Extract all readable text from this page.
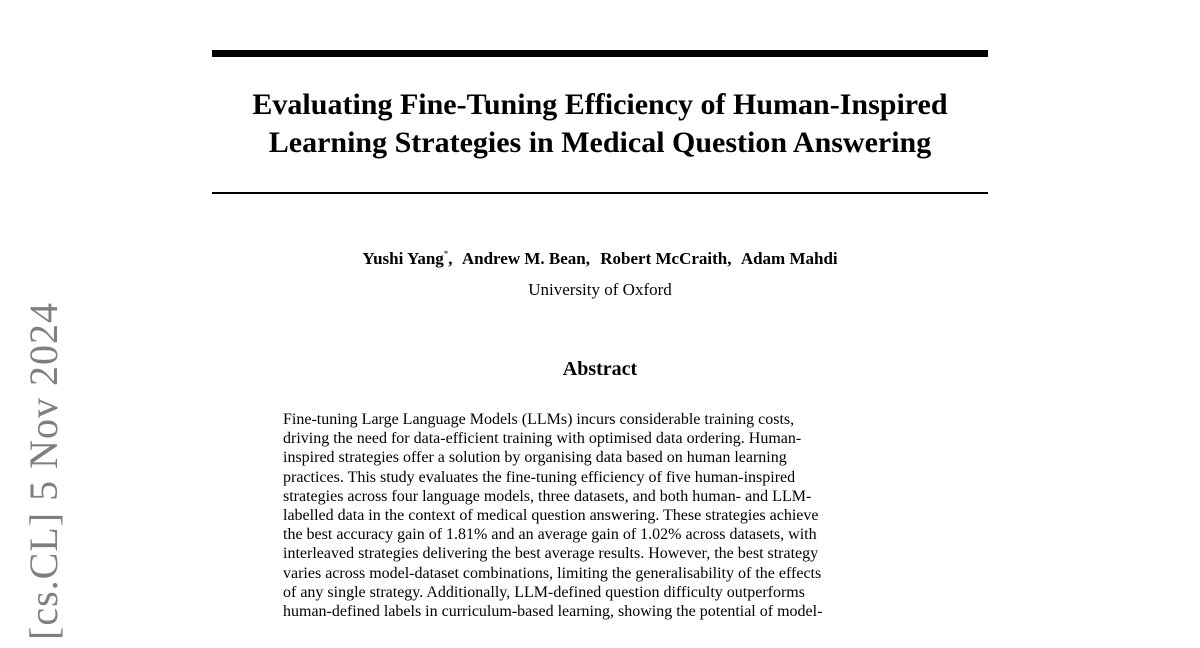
[cs.CL] 5 Nov 2024
Evaluating Fine-Tuning Efficiency of Human-Inspired
Learning Strategies in Medical Question Answering
Yushi Yang*, Andrew M. Bean, Robert McCraith, Adam Mahdi
University of Oxford
Abstract
Fine-tuning Large Language Models (LLMs) incurs considerable training costs,
driving the need for data-efficient training with optimised data ordering. Human-
inspired strategies offer a solution by organising data based on human learning
practices. This study evaluates the fine-tuning efficiency of five human-inspired
strategies across four language models, three datasets, and both human- and LLM-
labelled data in the context of medical question answering. These strategies achieve
the best accuracy gain of 1.81% and an average gain of 1.02% across datasets, with
interleaved strategies delivering the best average results. However, the best strategy
varies across model-dataset combinations, limiting the generalisability of the effects
of any single strategy. Additionally, LLM-defined question difficulty outperforms
human-defined labels in curriculum-based learning, showing the potential of model-
